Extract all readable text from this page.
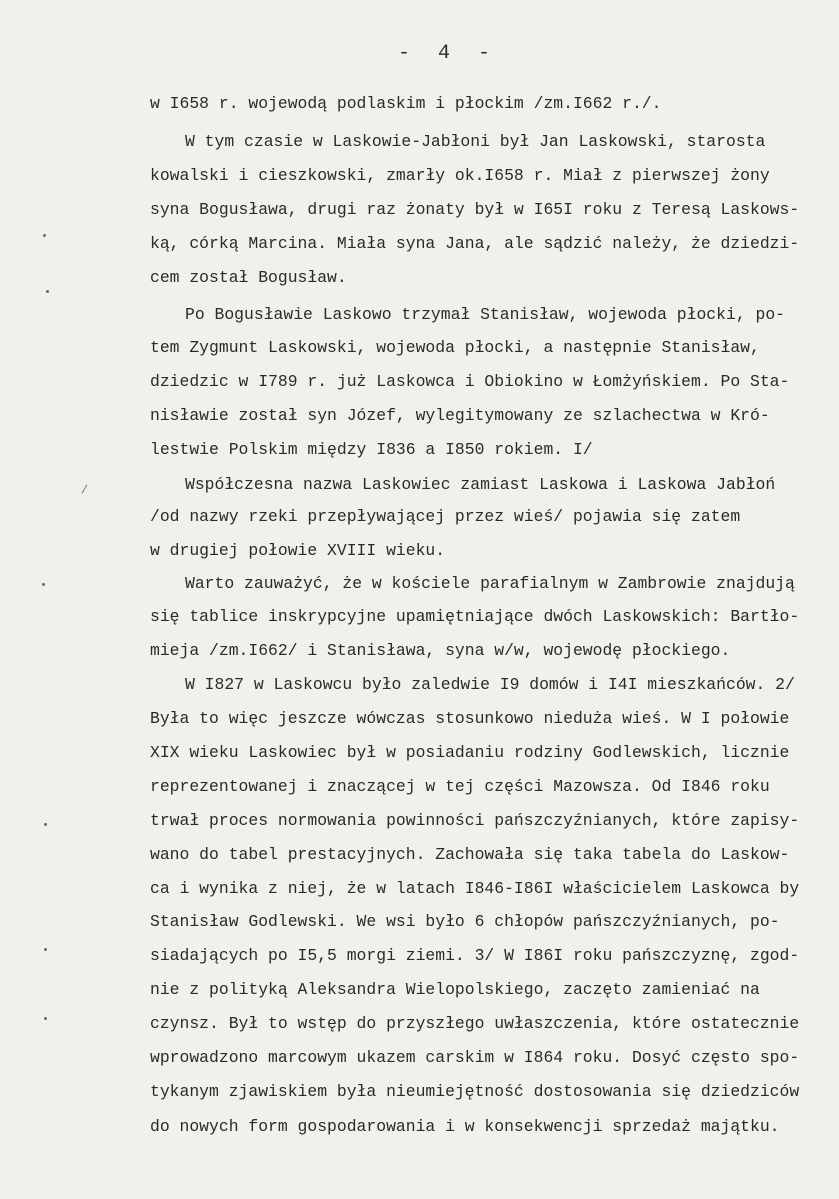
- 4 -
w I658 r. wojewodą podlaskim i płockim /zm.I662 r./.
W tym czasie w Laskowie-Jabłoni był Jan Laskowski, starosta
kowalski i cieszkowski, zmarły ok.I658 r. Miał z pierwszej żony
syna Bogusława, drugi raz żonaty był w I65I roku z Teresą Laskows-
ką, córką Marcina. Miała syna Jana, ale sądzić należy, że dziedzi-
cem został Bogusław.
Po Bogusławie Laskowo trzymał Stanisław, wojewoda płocki, po-
tem Zygmunt Laskowski, wojewoda płocki, a następnie Stanisław,
dziedzic w I789 r. już Laskowca i Obiokino w Łomżyńskiem. Po Sta-
nisławie został syn Józef, wylegitymowany ze szlachectwa w Kró-
lestwie Polskim między I836 a I850 rokiem. I/
Współczesna nazwa Laskowiec zamiast Laskowa i Laskowa Jabłoń
/od nazwy rzeki przepływającej przez wieś/ pojawia się zatem
w drugiej połowie XVIII wieku.
Warto zauważyć, że w kościele parafialnym w Zambrowie znajdują
się tablice inskrypcyjne upamiętniające dwóch Laskowskich: Bartło-
mieja /zm.I662/ i Stanisława, syna w/w, wojewodę płockiego.
W I827 w Laskowcu było zaledwie I9 domów i I4I mieszkańców. 2/
Była to więc jeszcze wówczas stosunkowo nieduża wieś. W I połowie
XIX wieku Laskowiec był w posiadaniu rodziny Godlewskich, licznie
reprezentowanej i znaczącej w tej części Mazowsza. Od I846 roku
trwał proces normowania powinności pańszczyźnianych, które zapisy-
wano do tabel prestacyjnych. Zachowała się taka tabela do Laskow-
ca i wynika z niej, że w latach I846-I86I właścicielem Laskowca by
Stanisław Godlewski. We wsi było 6 chłopów pańszczyźnianych, po-
siadających po I5,5 morgi ziemi. 3/ W I86I roku pańszczyznę, zgod-
nie z polityką Aleksandra Wielopolskiego, zaczęto zamieniać na
czynsz. Był to wstęp do przyszłego uwłaszczenia, które ostatecznie
wprowadzono marcowym ukazem carskim w I864 roku. Dosyć często spo-
tykanym zjawiskiem była nieumiejętność dostosowania się dziedziców
do nowych form gospodarowania i w konsekwencji sprzedaż majątku.
